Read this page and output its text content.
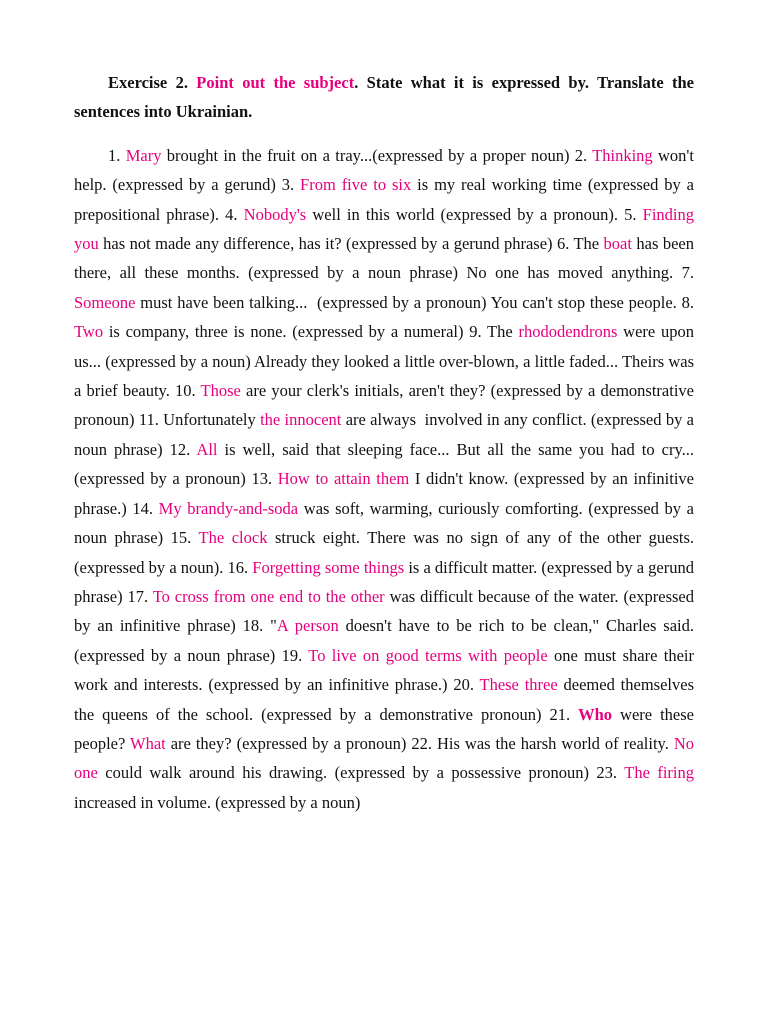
Exercise 2. Point out the subject. State what it is expressed by. Translate the sentences into Ukrainian.

1. Mary brought in the fruit on a tray...(expressed by a proper noun) 2. Thinking won't help. (expressed by a gerund) 3. From five to six is my real working time (expressed by a prepositional phrase). 4. Nobody's well in this world (expressed by a pronoun). 5. Finding you has not made any difference, has it? (expressed by a gerund phrase) 6. The boat has been there, all these months. (expressed by a noun phrase) No one has moved anything. 7. Someone must have been talking...  (expressed by a pronoun) You can't stop these people. 8. Two is company, three is none. (expressed by a numeral) 9. The rhododendrons were upon us... (expressed by a noun) Already they looked a little over-blown, a little faded... Theirs was a brief beauty. 10. Those are your clerk's initials, aren't they? (expressed by a demonstrative pronoun) 11. Unfortunately the innocent are always  involved in any conflict. (expressed by a noun phrase) 12. All is well, said that sleeping face... But all the same you had to cry... (expressed by a pronoun) 13. How to attain them I didn't know. (expressed by an infinitive phrase.) 14. My brandy-and-soda was soft, warming, curiously comforting. (expressed by a noun phrase) 15. The clock struck eight. There was no sign of any of the other guests. (expressed by a noun). 16. Forgetting some things is a difficult matter. (expressed by a gerund phrase) 17. To cross from one end to the other was difficult because of the water. (expressed by an infinitive phrase) 18. "A person doesn't have to be rich to be clean," Charles said. (expressed by a noun phrase) 19. To live on good terms with people one must share their work and interests. (expressed by an infinitive phrase.) 20. These three deemed themselves the queens of the school. (expressed by a demonstrative pronoun) 21. Who were these people? What are they? (expressed by a pronoun) 22. His was the harsh world of reality. No one could walk around his drawing. (expressed by a possessive pronoun) 23. The firing increased in volume. (expressed by a noun)
